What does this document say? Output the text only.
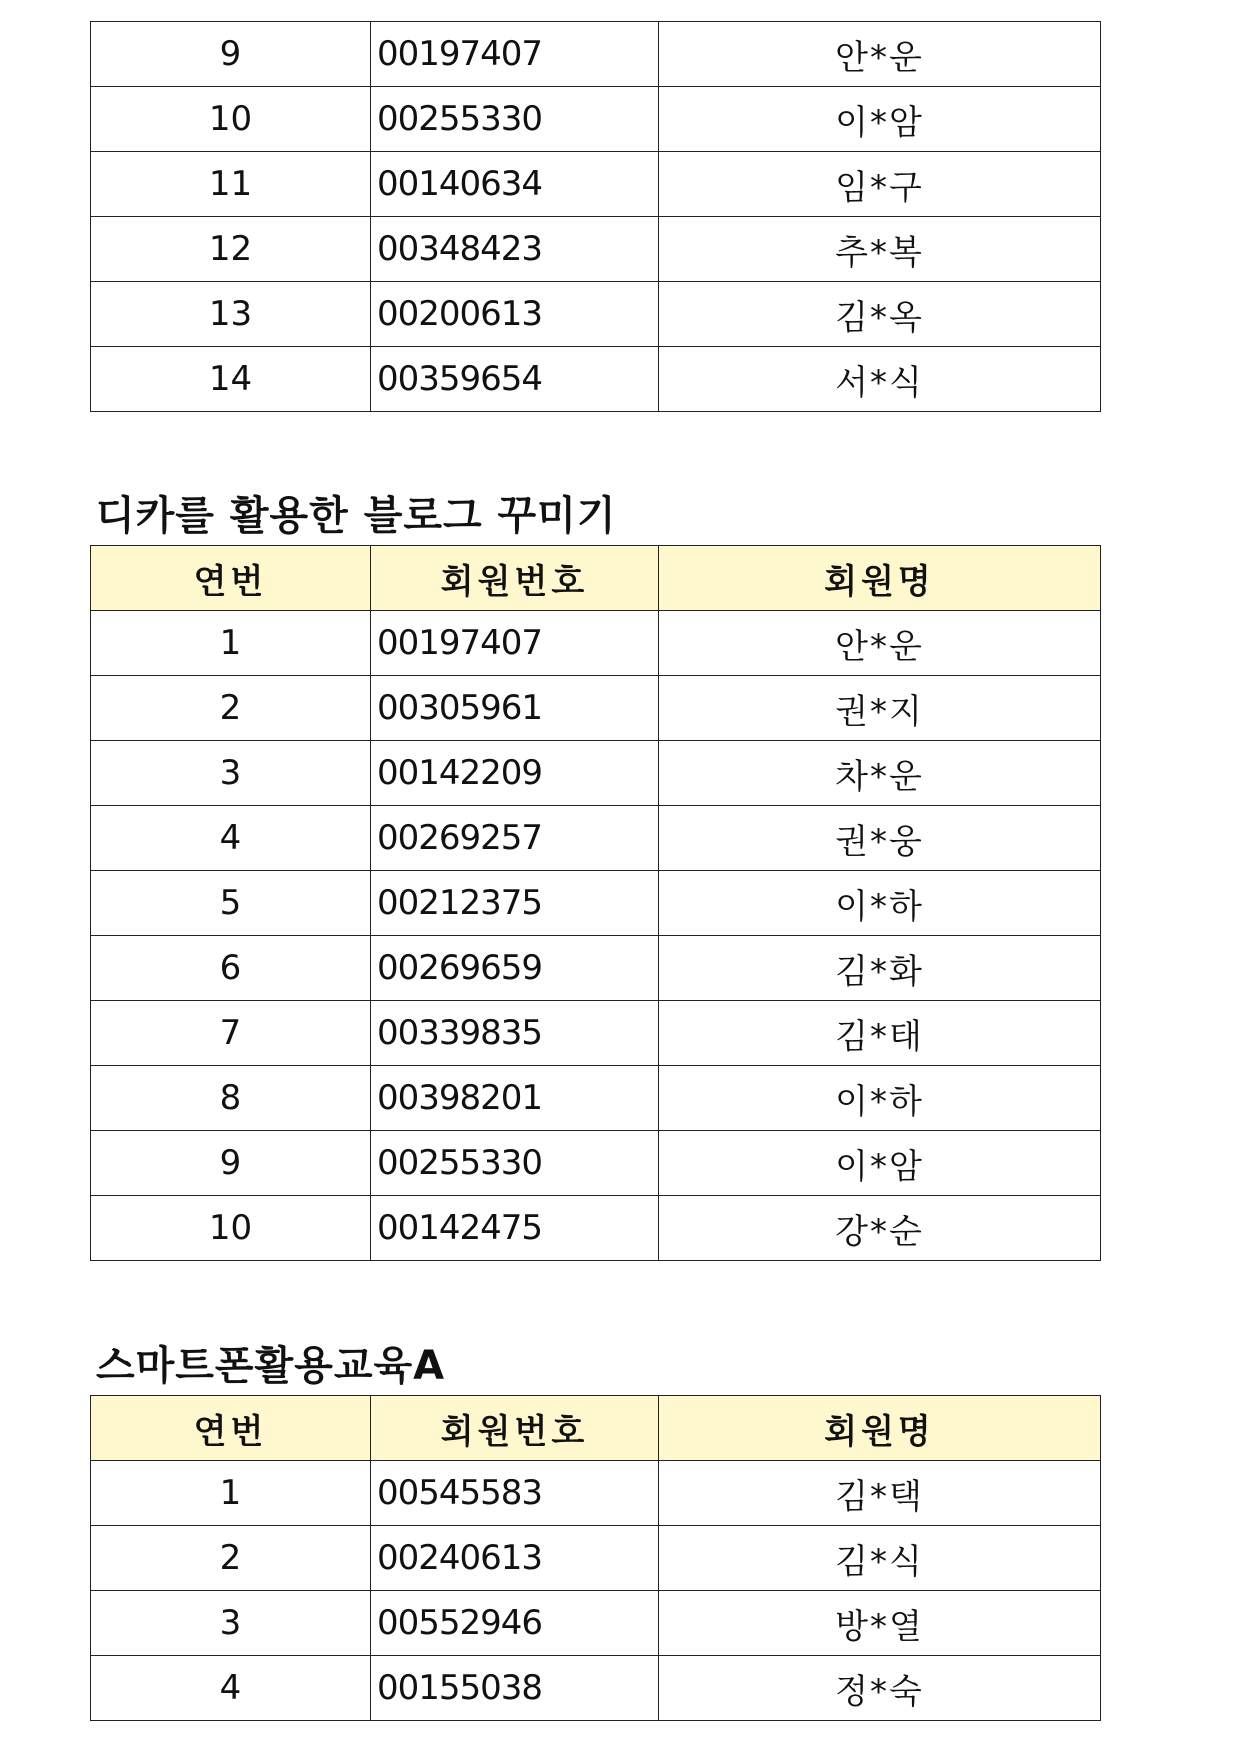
9	00197407	안*운
10	00255330	이*암
11	00140634	임*구
12	00348423	추*복
13	00200613	김*옥
14	00359654	서*식
디카를 활용한 블로그 꾸미기
연번	회원번호	회원명
1	00197407	안*운
2	00305961	권*지
3	00142209	차*운
4	00269257	권*웅
5	00212375	이*하
6	00269659	김*화
7	00339835	김*태
8	00398201	이*하
9	00255330	이*암
10	00142475	강*순
스마트폰활용교육A
연번	회원번호	회원명
1	00545583	김*택
2	00240613	김*식
3	00552946	방*열
4	00155038	정*숙
